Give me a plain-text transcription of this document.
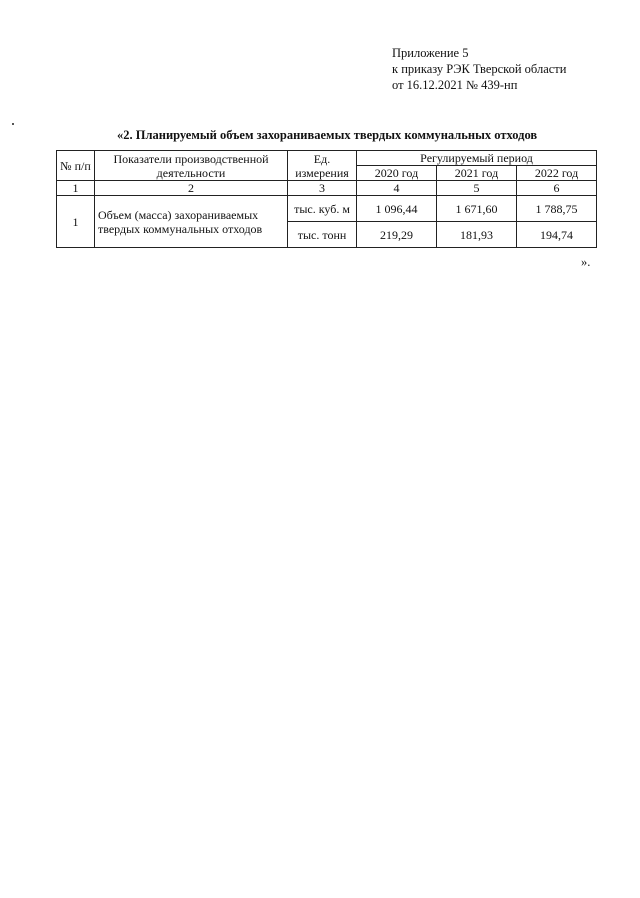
Приложение 5
к приказу РЭК Тверской области
от 16.12.2021 № 439-нп
«2. Планируемый объем захораниваемых твердых коммунальных отходов
№ п/п	Показатели производственной деятельности	Ед. измерения	Регулируемый период		
			2020 год	2021 год	2022 год
1	2	3	4	5	6
1	Объем (масса) захораниваемых твердых коммунальных отходов	тыс. куб. м	1 096,44	1 671,60	1 788,75
		тыс. тонн	219,29	181,93	194,74
».
